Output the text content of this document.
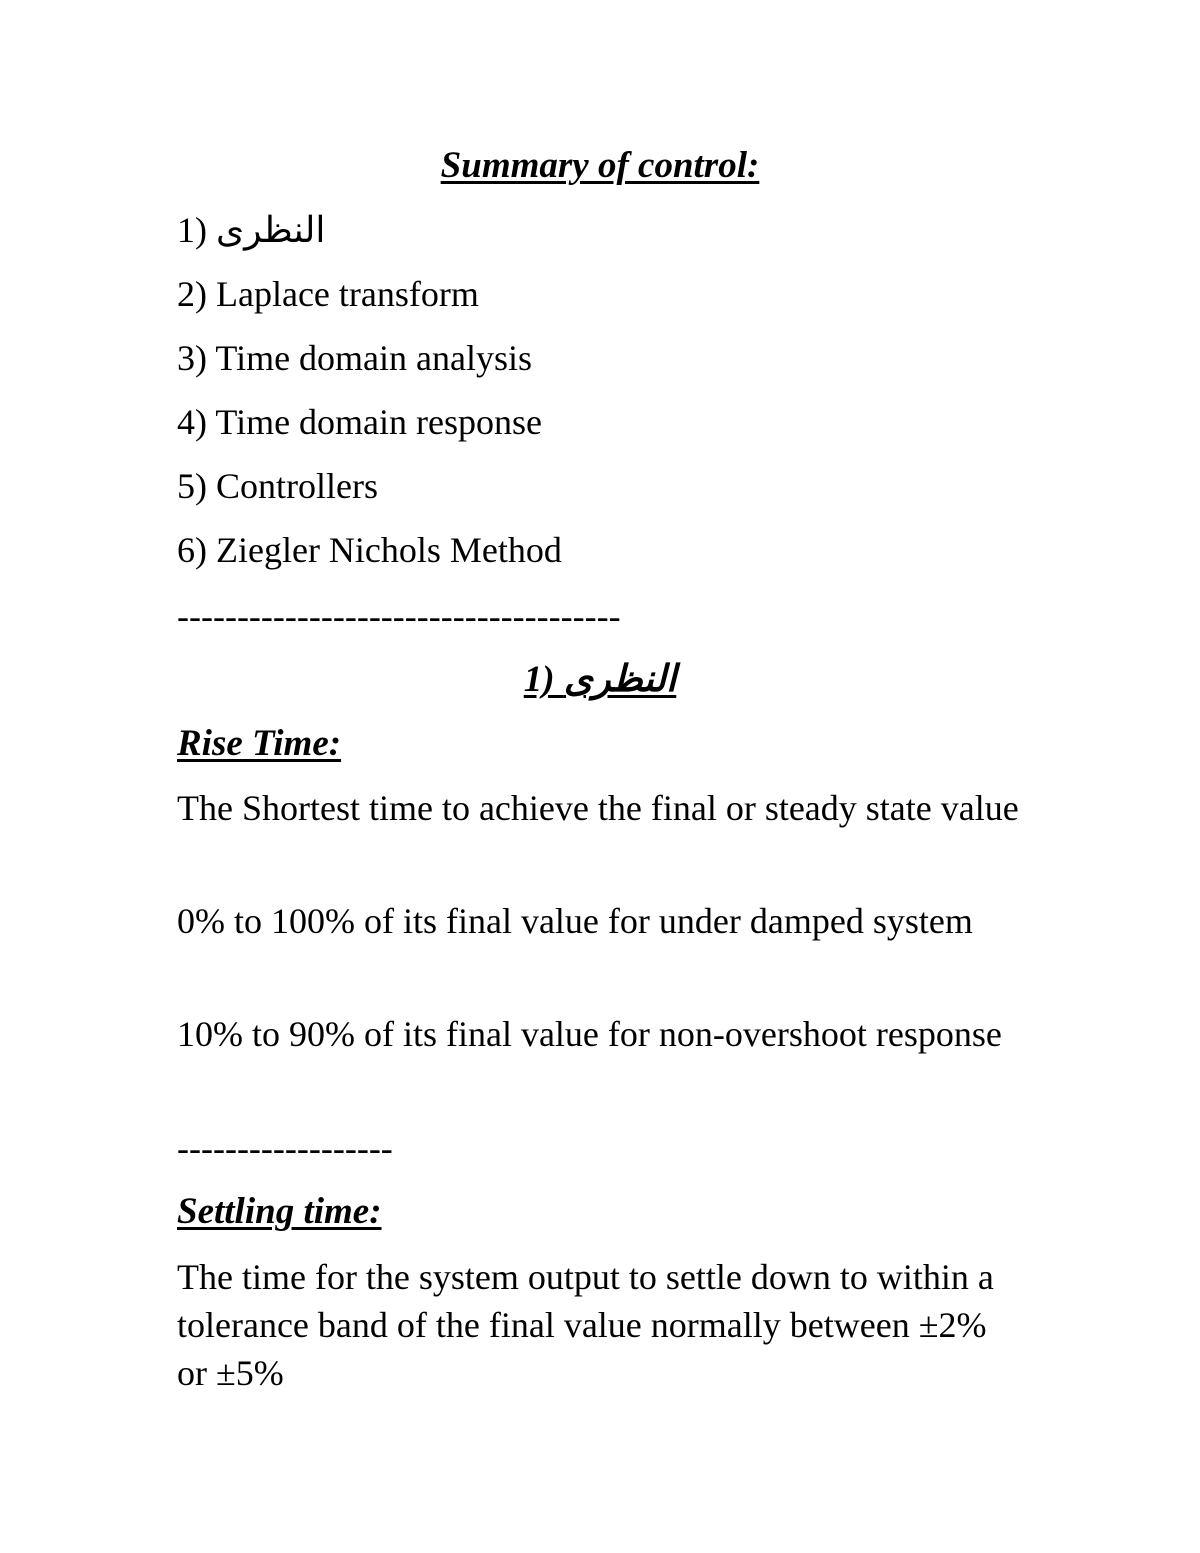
Summary of control:

1) النظرى

2) Laplace transform

3) Time domain analysis

4) Time domain response

5) Controllers

6) Ziegler Nichols Method

-------------------------------------

1) النظرى

Rise Time:

The Shortest time to achieve the final or steady state value

0% to 100% of its final value for under damped system

10% to 90% of its final value for non-overshoot response

------------------

Settling time:

The time for the system output to settle down to within a tolerance band of the final value normally between ±2% or ±5%
